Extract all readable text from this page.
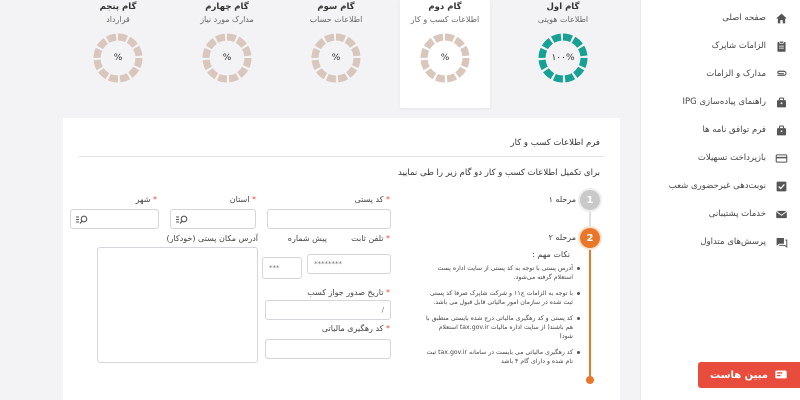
صفحه اصلی
الزامات شاپرک
مدارک و الزامات
راهنمای پیاده‌سازی IPG
فرم توافق نامه ها
بازپرداخت تسهیلات
نوبت‌دهی غیرحضوری شعب
خدمات پشتیبانی
پرسش‌های متداول
گام اول
اطلاعات هویتی
۱۰۰%
گام دوم
اطلاعات کسب و کار
%
گام سوم
اطلاعات حساب
%
گام چهارم
مدارک مورد نیاز
%
گام پنجم
قرارداد
%
فرم اطلاعات کسب و کار
برای تکمیل اطلاعات کسب و کار دو گام زیر را طی نمایید
1
2
مرحله ۱
مرحله ۲
نکات مهم :
آدرس پستی با توجه به کد پستی از سایت اداره پست استعلام گرفته می‌شود.
با توجه به الزامات ج۱۱ و شرکت شاپرک صرفا کد پستی ثبت شده در سازمان امور مالیاتی قابل قبول می باشد.
کد پستی و کد رهگیری مالیاتی درج شده بایستی منطبق با هم باشند( از سایت اداره مالیات tax.gov.ir استعلام شود)
کد رهگیری مالیاتی می بایست در سامانه tax.gov.ir ثبت نام شده و دارای گام ۴ باشد
* کد پستی
* استان
* شهر
* تلفن ثابت
********
پیش شماره
***
آدرس مکان پستی (خودکار)
* تاریخ صدور جواز کسب
/
* کد رهگیری مالیاتی
مبین هاست
